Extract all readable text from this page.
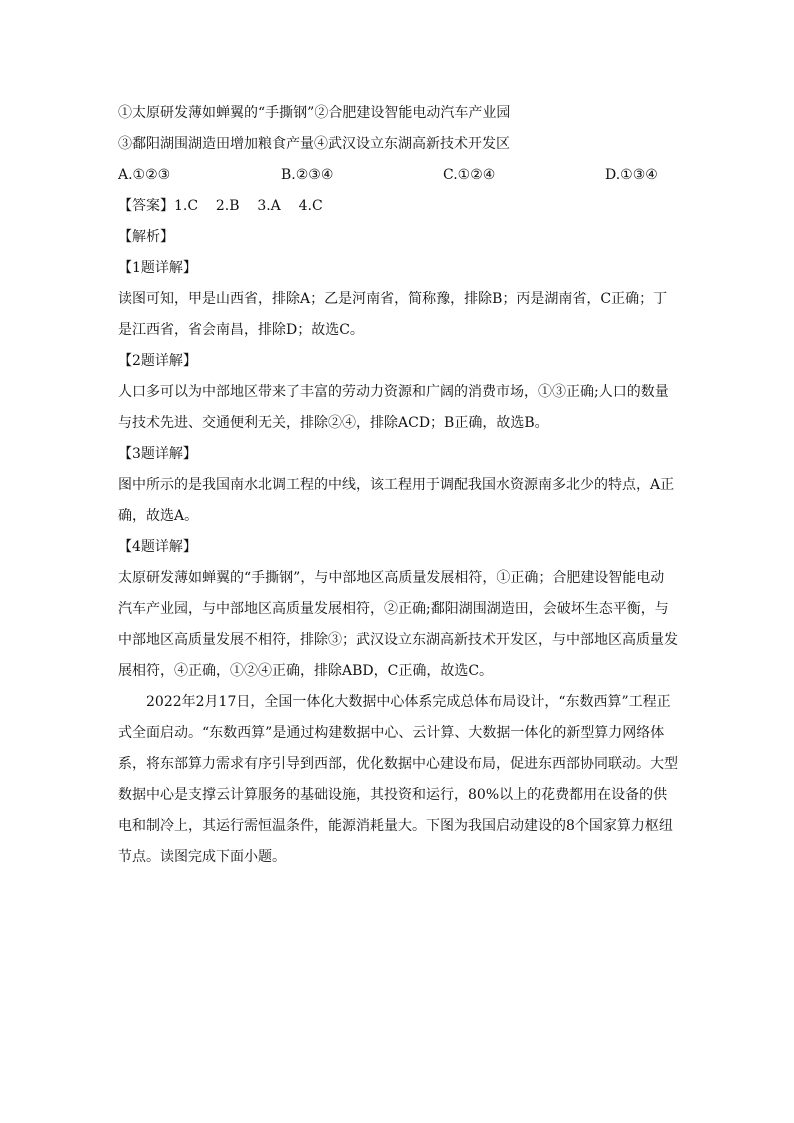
①太原研发薄如蝉翼的“手撕钢”②合肥建设智能电动汽车产业园
③鄱阳湖围湖造田增加粮食产量④武汉设立东湖高新技术开发区
A.①②③	B.②③④	C.①②④	D.①③④
【答案】1.C    2.B    3.A    4.C
【解析】
【1题详解】

读图可知，甲是山西省，排除A；乙是河南省，简称豫，排除B；丙是湖南省，C正确；丁是江西省，省会南昌，排除D；故选C。

【2题详解】

人口多可以为中部地区带来了丰富的劳动力资源和广阔的消费市场，①③正确;人口的数量与技术先进、交通便利无关，排除②④，排除ACD；B正确，故选B。

【3题详解】

图中所示的是我国南水北调工程的中线，该工程用于调配我国水资源南多北少的特点，A正确，故选A。

【4题详解】

太原研发薄如蝉翼的“手撕钢”，与中部地区高质量发展相符，①正确；合肥建设智能电动汽车产业园，与中部地区高质量发展相符，②正确;鄱阳湖围湖造田，会破坏生态平衡，与中部地区高质量发展不相符，排除③；武汉设立东湖高新技术开发区，与中部地区高质量发展相符，④正确，①②④正确，排除ABD，C正确，故选C。

2022年2月17日，全国一体化大数据中心体系完成总体布局设计，“东数西算”工程正式全面启动。“东数西算”是通过构建数据中心、云计算、大数据一体化的新型算力网络体系，将东部算力需求有序引导到西部，优化数据中心建设布局，促进东西部协同联动。大型数据中心是支撑云计算服务的基础设施，其投资和运行，80%以上的花费都用在设备的供电和制冷上，其运行需恒温条件，能源消耗量大。下图为我国启动建设的8个国家算力枢纽节点。读图完成下面小题。
